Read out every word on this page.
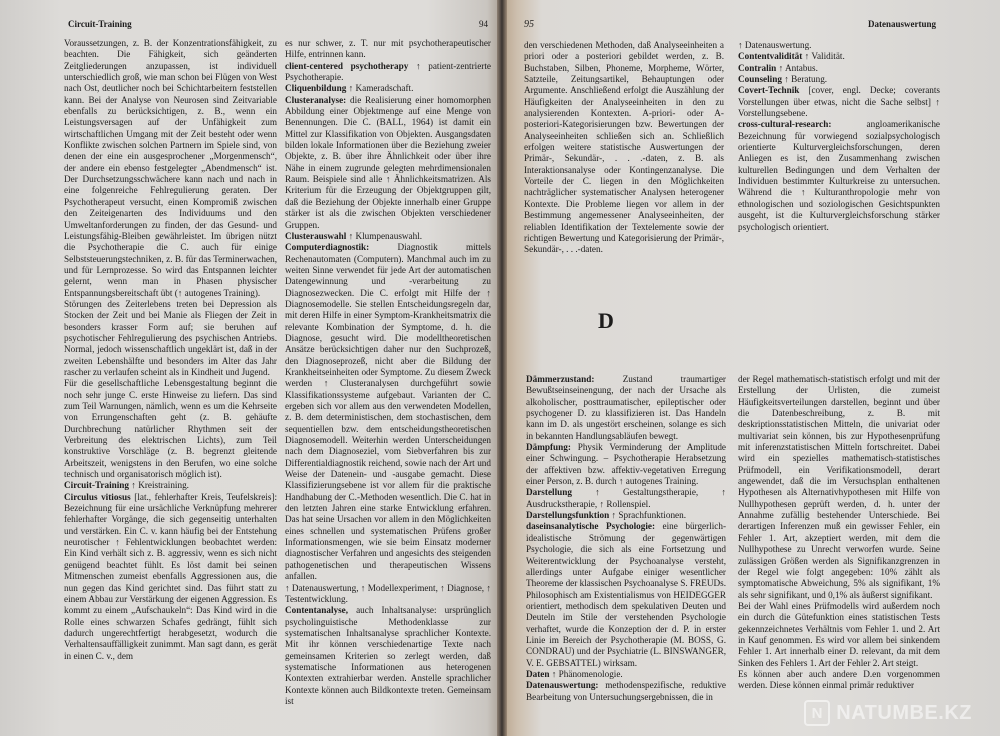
Circuit-Training	94

Voraussetzungen, z. B. der Konzentrationsfähigkeit, zu beachten. Die Fähigkeit, sich geänderten Zeitgliederungen anzupassen, ist individuell unterschiedlich groß, wie man schon bei Flügen von West nach Ost, deutlicher noch bei Schichtarbeitern feststellen kann. Bei der Analyse von Neurosen sind Zeitvariable ebenfalls zu berücksichtigen, z. B., wenn ein Leistungsversagen auf der Unfähigkeit zum wirtschaftlichen Umgang mit der Zeit besteht oder wenn Konflikte zwischen solchen Partnern im Spiele sind, von denen der eine ein ausgesprochener „Morgenmensch“, der andere ein ebenso festgelegter „Abendmensch“ ist. Der Durchsetzungsschwächere kann nach und nach in eine folgenreiche Fehlregulierung geraten. Der Psychotherapeut versucht, einen Kompromiß zwischen den Zeiteigenarten des Individuums und den Umweltanforderungen zu finden, der das Gesund- und Leistungsfähig-Bleiben gewährleistet. Im übrigen nützt die Psychotherapie die C. auch für einige Selbststeuerungstechniken, z. B. für das Terminerwachen, und für Lernprozesse. So wird das Entspannen leichter gelernt, wenn man in Phasen physischer Entspannungsbereitschaft übt (↑ autogenes Training).

Störungen des Zeiterlebens treten bei Depression als Stocken der Zeit und bei Manie als Fliegen der Zeit in besonders krasser Form auf; sie beruhen auf psychotischer Fehlregulierung des psychischen Antriebs. Normal, jedoch wissenschaftlich ungeklärt ist, daß in der zweiten Lebenshälfte und besonders im Alter das Jahr rascher zu verlaufen scheint als in Kindheit und Jugend.

Für die gesellschaftliche Lebensgestaltung beginnt die noch sehr junge C. erste Hinweise zu liefern. Das sind zum Teil Warnungen, nämlich, wenn es um die Kehrseite von Errungenschaften geht (z. B. gehäufte Durchbrechung natürlicher Rhythmen seit der Verbreitung des elektrischen Lichts), zum Teil konstruktive Vorschläge (z. B. begrenzt gleitende Arbeitszeit, wenigstens in den Berufen, wo eine solche technisch und organisatorisch möglich ist).

Circuit-Training ↑ Kreistraining.

Circulus vitiosus [lat., fehlerhafter Kreis, Teufelskreis]: Bezeichnung für eine ursächliche Verknüpfung mehrerer fehlerhafter Vorgänge, die sich gegenseitig unterhalten und verstärken. Ein C. v. kann häufig bei der Entstehung neurotischer ↑ Fehlentwicklungen beobachtet werden: Ein Kind verhält sich z. B. aggressiv, wenn es sich nicht genügend beachtet fühlt. Es löst damit bei seinen Mitmenschen zumeist ebenfalls Aggressionen aus, die nun gegen das Kind gerichtet sind. Das führt statt zu einem Abbau zur Verstärkung der eigenen Aggression. Es kommt zu einem „Aufschaukeln“: Das Kind wird in die Rolle eines schwarzen Schafes gedrängt, fühlt sich dadurch ungerechtfertigt herabgesetzt, wodurch die Verhaltensauffälligkeit zunimmt. Man sagt dann, es gerät in einen C. v., dem

es nur schwer, z. T. nur mit psychotherapeutischer Hilfe, entrinnen kann.

client-centered psychotherapy ↑ patient-zentrierte Psychotherapie.

Cliquenbildung ↑ Kameradschaft.

Clusteranalyse: die Realisierung einer homomorphen Abbildung einer Objektmenge auf eine Menge von Benennungen. Die C. (BALL, 1964) ist damit ein Mittel zur Klassifikation von Objekten. Ausgangsdaten bilden lokale Informationen über die Beziehung zweier Objekte, z. B. über ihre Ähnlichkeit oder über ihre Nähe in einem zugrunde gelegten mehrdimensionalen Raum. Beispiele sind alle ↑ Ähnlichkeitsmatrizen. Als Kriterium für die Erzeugung der Objektgruppen gilt, daß die Beziehung der Objekte innerhalb einer Gruppe stärker ist als die zwischen Objekten verschiedener Gruppen.

Clusterauswahl ↑ Klumpenauswahl.

Computerdiagnostik:	Diagnostik mittels Rechenautomaten (Computern). Manchmal auch im zu weiten Sinne verwendet für jede Art der automatischen Datengewinnung und -verarbeitung zu Diagnosezwecken. Die C. erfolgt mit Hilfe der ↑ Diagnosemodelle. Sie stellen Entscheidungsregeln dar, mit deren Hilfe in einer Symptom-Krankheitsmatrix die relevante Kombination der Symptome, d. h. die Diagnose, gesucht wird. Die modelltheoretischen Ansätze berücksichtigen daher nur den Suchprozeß, den Diagnoseprozeß, nicht aber die Bildung der Krankheitseinheiten oder Symptome. Zu diesem Zweck werden ↑ Clusteranalysen durchgeführt sowie Klassifikationssysteme aufgebaut. Varianten der C. ergeben sich vor allem aus den verwendeten Modellen, z. B. dem deterministischen, dem stochastischen, dem sequentiellen bzw. dem entscheidungstheoretischen Diagnosemodell. Weiterhin werden Unterscheidungen nach dem Diagnoseziel, vom Siebverfahren bis zur Differentialdiagnostik reichend, sowie nach der Art und Weise der Datenein- und -ausgabe gemacht. Diese Klassifizierungsebene ist vor allem für die praktische Handhabung der C.-Methoden wesentlich. Die C. hat in den letzten Jahren eine starke Entwicklung erfahren. Das hat seine Ursachen vor allem in den Möglichkeiten eines schnellen und systematischen Prüfens großer Informationsmengen, wie sie beim Einsatz moderner diagnostischer Verfahren und angesichts des steigenden pathogenetischen und therapeutischen Wissens anfallen.

↑ Datenauswertung, ↑ Modellexperiment, ↑ Diagnose, ↑ Testentwicklung.

Contentanalyse, auch Inhaltsanalyse: ursprünglich psycholinguistische Methodenklasse zur systematischen Inhaltsanalyse sprachlicher Kontexte. Mit ihr können verschiedenartige Texte nach gemeinsamen Kriterien so zerlegt werden, daß systematische Informationen aus heterogenen Kontexten extrahierbar werden. Anstelle sprachlicher Kontexte können auch Bildkontexte treten. Gemeinsam ist

95	Datenauswertung

den verschiedenen Methoden, daß Analyseeinheiten a priori oder a posteriori gebildet werden, z. B. Buchstaben, Silben, Phoneme, Morpheme, Wörter, Satzteile, Zeitungsartikel, Behauptungen oder Argumente. Anschließend erfolgt die Auszählung der Häufigkeiten der Analyseeinheiten in den zu analysierenden Kontexten. A-priori- oder A-posteriori-Kategorisierungen bzw. Bewertungen der Analyseeinheiten schließen sich an. Schließlich erfolgen weitere statistische Auswertungen der Primär-, Sekundär-, . . .-daten, z. B. als Interaktionsanalyse oder Kontingenzanalyse. Die Vorteile der C. liegen in den Möglichkeiten nachträglicher systematischer Analysen heterogener Kontexte. Die Probleme liegen vor allem in der Bestimmung angemessener Analyseeinheiten, der reliablen Identifikation der Textelemente sowie der richtigen Bewertung und Kategorisierung der Primär-, Sekundär-, . . .-daten.

↑ Datenauswertung.

Contentvalidität ↑ Validität.

Contralin ↑ Antabus.

Counseling ↑ Beratung.

Covert-Technik [cover, engl. Decke; coverants Vorstellungen über etwas, nicht die Sache selbst] ↑ Vorstellungsebene.

cross-cultural-research:	angloamerikanische Bezeichnung für vorwiegend sozialpsychologisch orientierte Kulturvergleichsforschungen, deren Anliegen es ist, den Zusammenhang zwischen kulturellen Bedingungen und dem Verhalten der Individuen bestimmter Kulturkreise zu untersuchen. Während die ↑ Kulturanthropologie mehr von ethnologischen und soziologischen Gesichtspunkten ausgeht, ist die Kulturvergleichsforschung stärker psychologisch orientiert.

D

Dämmerzustand:	Zustand traumartiger Bewußtseinseinengung, der nach der Ursache als alkoholischer, posttraumatischer, epileptischer oder psychogener D. zu klassifizieren ist. Das Handeln kann im D. als ungestört erscheinen, solange es sich in bekannten Handlungsabläufen bewegt.

Dämpfung: Physik Verminderung der Amplitude einer Schwingung. – Psychotherapie Herabsetzung der affektiven bzw. affektiv-vegetativen Erregung einer Person, z. B. durch ↑ autogenes Training.

Darstellung	↑ Gestaltungstherapie, ↑ Ausdruckstherapie, ↑ Rollenspiel.

Darstellungsfunktion ↑ Sprachfunktionen.

daseinsanalytische Psychologie: eine bürgerlich-idealistische Strömung der gegenwärtigen Psychologie, die sich als eine Fortsetzung und Weiterentwicklung der Psychoanalyse versteht, allerdings unter Aufgabe einiger wesentlicher Theoreme der klassischen Psychoanalyse S. FREUDs. Philosophisch am Existentialismus von HEIDEGGER orientiert, methodisch dem spekulativen Deuten und Deuteln im Stile der verstehenden Psychologie verhaftet, wurde die Konzeption der d. P. in erster Linie im Bereich der Psychotherapie (M. BOSS, G. CONDRAU) und der Psychiatrie (L. BINSWANGER, V. E. GEBSATTEL) wirksam.

Daten ↑ Phänomenologie.

Datenauswertung: methodenspezifische, reduktive Bearbeitung von Untersuchungsergebnissen, die in

der Regel mathematisch-statistisch erfolgt und mit der Erstellung der Urlisten, die zumeist Häufigkeitsverteilungen darstellen, beginnt und über die Datenbeschreibung, z. B. mit deskriptionsstatistischen Mitteln, die univariat oder multivariat sein können, bis zur Hypothesenprüfung mit inferenzstatistischen Mitteln fortschreitet. Dabei wird ein spezielles mathematisch-statistisches Prüfmodell, ein Verifikationsmodell, derart angewendet, daß die im Versuchsplan enthaltenen Hypothesen als Alternativhypothesen mit Hilfe von Nullhypothesen geprüft werden, d. h. unter der Annahme zufällig bestehender Unterschiede. Bei derartigen Inferenzen muß ein gewisser Fehler, ein Fehler 1. Art, akzeptiert werden, mit dem die Nullhypothese zu Unrecht verworfen wurde. Seine zulässigen Größen werden als Signifikanzgrenzen in der Regel wie folgt angegeben: 10% zählt als symptomatische Abweichung, 5% als signifikant, 1% als sehr signifikant, und 0,1% als äußerst signifikant.

Bei der Wahl eines Prüfmodells wird außerdem noch ein durch die Gütefunktion eines statistischen Tests gekennzeichnetes Verhältnis vom Fehler 1. und 2. Art in Kauf genommen. Es wird vor allem bei sinkendem Fehler 1. Art innerhalb einer D. relevant, da mit dem Sinken des Fehlers 1. Art der Fehler 2. Art steigt.

Es können aber auch andere D.en vorgenommen werden. Diese können einmal primär reduktiver

N NATUMBE.KZ
